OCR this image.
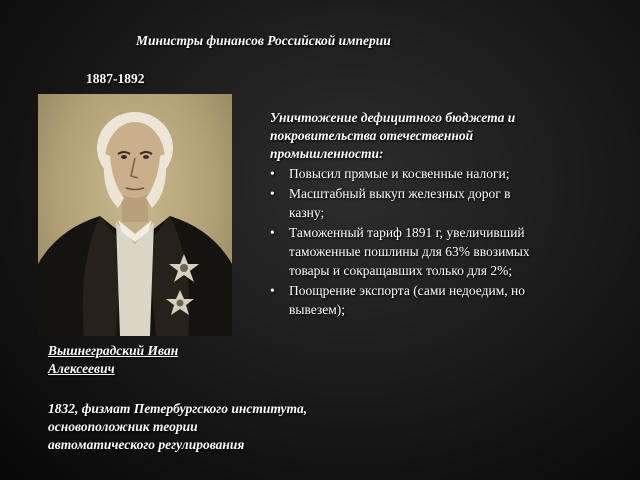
Министры финансов Российской империи
1887-1892
Вышнеградский Иван
Алексеевич
1832, физмат Петербургского института,
основоположник теории
автоматического регулирования
Уничтожение дефицитного бюджета и
покровительства отечественной
промышленности:
• Повысил прямые и косвенные налоги;
• Масштабный выкуп железных дорог в
казну;
• Таможенный тариф 1891 г, увеличивший
таможенные пошлины для 63% ввозимых
товары и сокращавших только для 2%;
• Поощрение экспорта (сами недоедим, но
вывезем);
